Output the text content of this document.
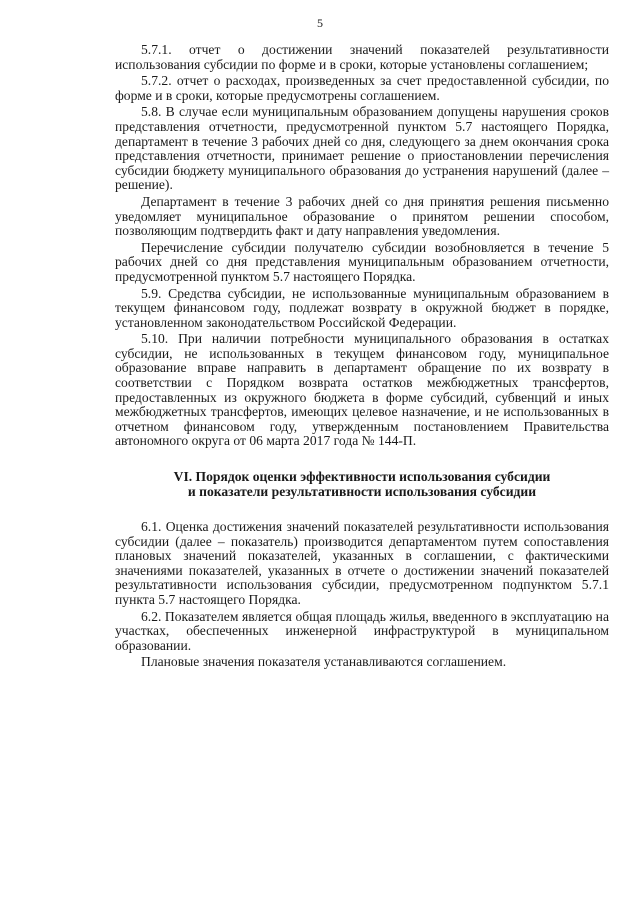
5

5.7.1. отчет о достижении значений показателей результативности использования субсидии по форме и в сроки, которые установлены соглашением;

5.7.2. отчет о расходах, произведенных за счет предоставленной субсидии, по форме и в сроки, которые предусмотрены соглашением.

5.8. В случае если муниципальным образованием допущены нарушения сроков представления отчетности, предусмотренной пунктом 5.7 настоящего Порядка, департамент в течение 3 рабочих дней со дня, следующего за днем окончания срока представления отчетности, принимает решение о приостановлении перечисления субсидии бюджету муниципального образования до устранения нарушений (далее – решение).

Департамент в течение 3 рабочих дней со дня принятия решения письменно уведомляет муниципальное образование о принятом решении способом, позволяющим подтвердить факт и дату направления уведомления.

Перечисление субсидии получателю субсидии возобновляется в течение 5 рабочих дней со дня представления муниципальным образованием отчетности, предусмотренной пунктом 5.7 настоящего Порядка.

5.9. Средства субсидии, не использованные муниципальным образованием в текущем финансовом году, подлежат возврату в окружной бюджет в порядке, установленном законодательством Российской Федерации.

5.10. При наличии потребности муниципального образования в остатках субсидии, не использованных в текущем финансовом году, муниципальное образование вправе направить в департамент обращение по их возврату в соответствии с Порядком возврата остатков межбюджетных трансфертов, предоставленных из окружного бюджета в форме субсидий, субвенций и иных межбюджетных трансфертов, имеющих целевое назначение, и не использованных в отчетном финансовом году, утвержденным постановлением Правительства автономного округа от 06 марта 2017 года № 144-П.

VI. Порядок оценки эффективности использования субсидии
и показатели результативности использования субсидии

6.1. Оценка достижения значений показателей результативности использования субсидии (далее – показатель) производится департаментом путем сопоставления плановых значений показателей, указанных в соглашении, с фактическими значениями показателей, указанных в отчете о достижении значений показателей результативности использования субсидии, предусмотренном подпунктом 5.7.1 пункта 5.7 настоящего Порядка.

6.2. Показателем является общая площадь жилья, введенного в эксплуатацию на участках, обеспеченных инженерной инфраструктурой в муниципальном образовании.

Плановые значения показателя устанавливаются соглашением.
